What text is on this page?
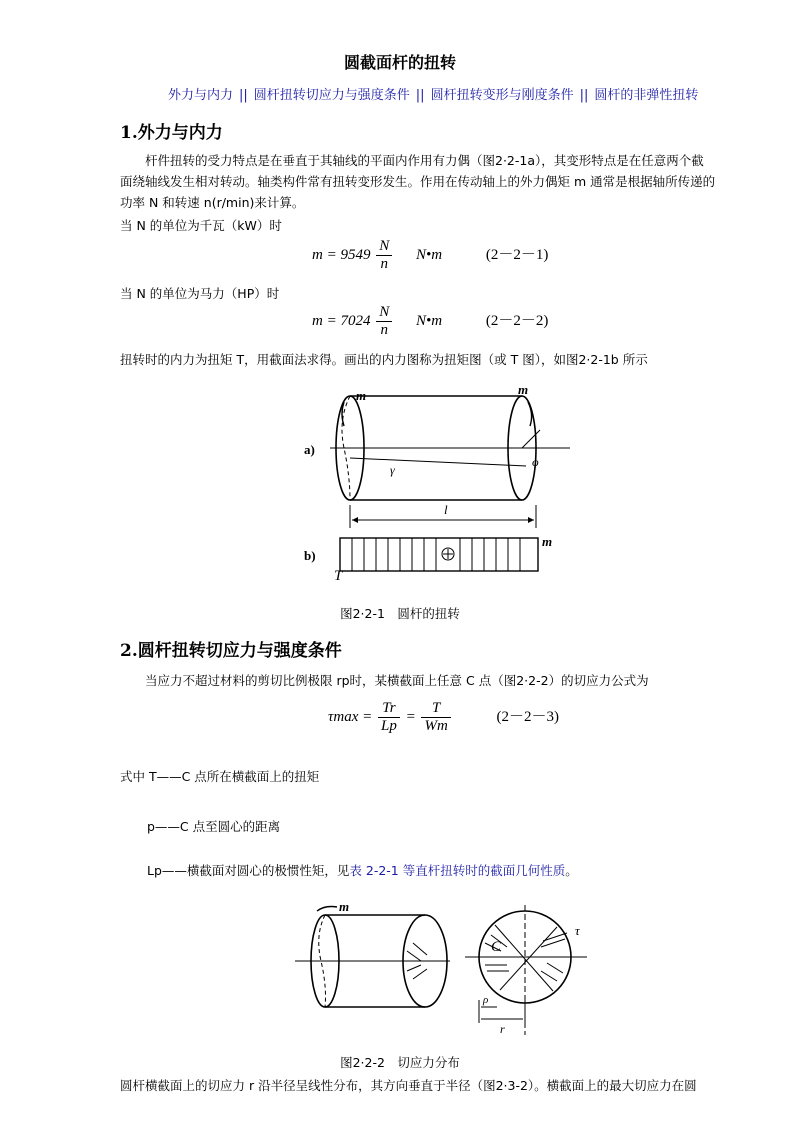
圆截面杆的扭转
外力与内力 || 圆杆扭转切应力与强度条件 || 圆杆扭转变形与刚度条件 || 圆杆的非弹性扭转
1.外力与内力
杆件扭转的受力特点是在垂直于其轴线的平面内作用有力偶（图2·2-1a），其变形特点是在任意两个截
面绕轴线发生相对转动。轴类构件常有扭转变形发生。作用在传动轴上的外力偶矩 m 通常是根据轴所传递的
功率 N 和转速 n(r/min)来计算。
当 N 的单位为千瓦（kW）时
$m = 9549 \frac{N}{n}$ N•m	(2－2－1)
当 N 的单位为马力（HP）时
$m = 7024 \frac{N}{n}$ N•m	(2－2－2)
扭转时的内力为扭矩 T，用截面法求得。画出的内力图称为扭矩图（或 T 图），如图2·2-1b 所示
m	m
a)
γ
φ
l
b)
T
m
图2·2-1　圆杆的扭转
2.圆杆扭转切应力与强度条件
当应力不超过材料的剪切比例极限 rp时，某横截面上任意 C 点（图2·2-2）的切应力公式为
$\tau\max = \frac{Tr}{Lp} = \frac{T}{Wm}$	(2－2－3)
式中 T——C 点所在横截面上的扭矩
p——C 点至圆心的距离
Lp——横截面对圆心的极惯性矩，见表 2-2-1 等直杆扭转时的截面几何性质。
m
C
τ
ρ
r
图2·2-2　切应力分布
圆杆横截面上的切应力 r 沿半径呈线性分布，其方向垂直于半径（图2·3-2）。横截面上的最大切应力在圆
